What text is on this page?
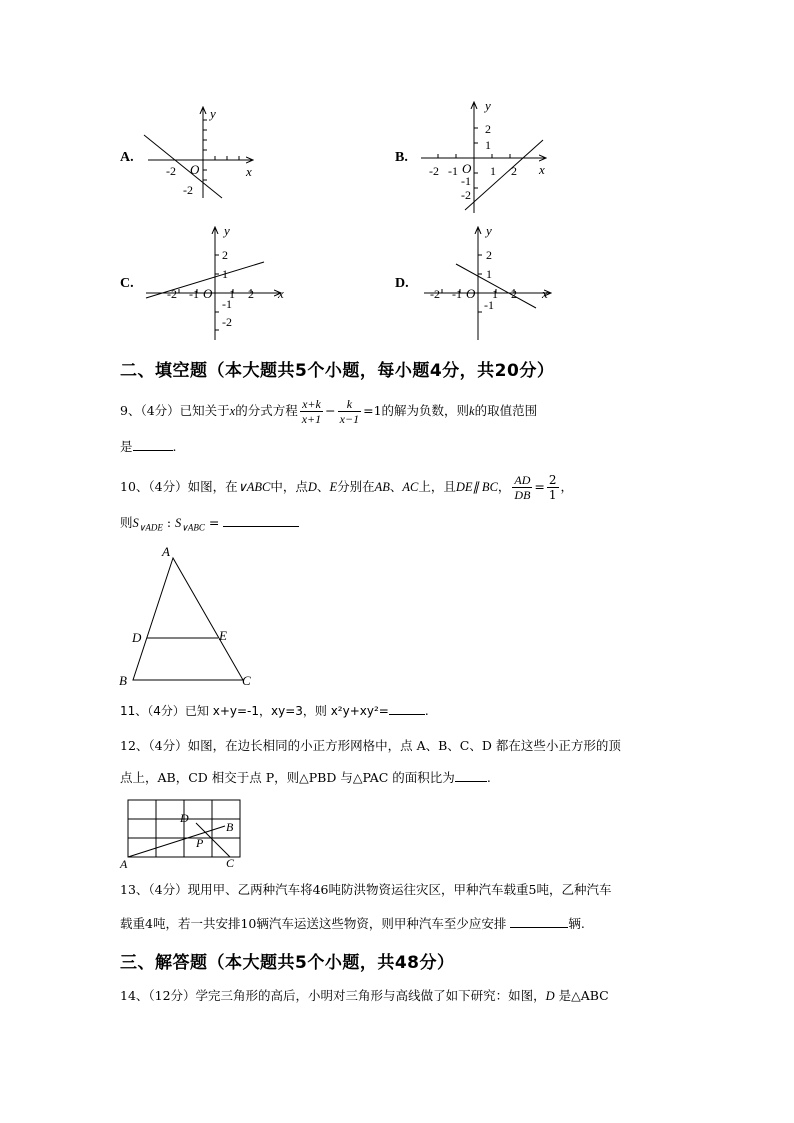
A.
y
x
O
-2
-2
B.
y
x
O
-2 -1	1 2
2
1
-1
-2
C.
y
x
O
-2 -1	1 2
2
1
-1
-2
D.
y
x
O
-2 -1	1 2
2
1
-1
二、填空题（本大题共5个小题，每小题4分，共20分）
9、（4分）已知关于x的分式方程 $\frac{x+k}{x+1} - \frac{k}{x-1} =1$的解为负数，则k的取值范围
是	.
10、（4分）如图，在∨ABC中，点D、E分别在AB、AC上，且DE∥ BC， $\frac{AD}{DB} = \frac{2}{1}$ ，
则$S_{\vee ADE}$ : $S_{\vee ABC}$ =
A
B	C
D	E
11、（4分）已知 x+y=-1，xy=3，则 x²y+xy²=	.
12、（4分）如图，在边长相同的小正方形网格中，点 A、B、C、D 都在这些小正方形的顶
点上，AB，CD 相交于点 P，则△PBD 与△PAC 的面积比为	.
A
B
C
D
P
13、（4分）现用甲、乙两种汽车将46吨防洪物资运往灾区，甲种汽车载重5吨，乙种汽车
载重4吨，若一共安排10辆汽车运送这些物资，则甲种汽车至少应安排	辆.
三、解答题（本大题共5个小题，共48分）
14、（12分）学完三角形的高后，小明对三角形与高线做了如下研究：如图，D 是△ABC
